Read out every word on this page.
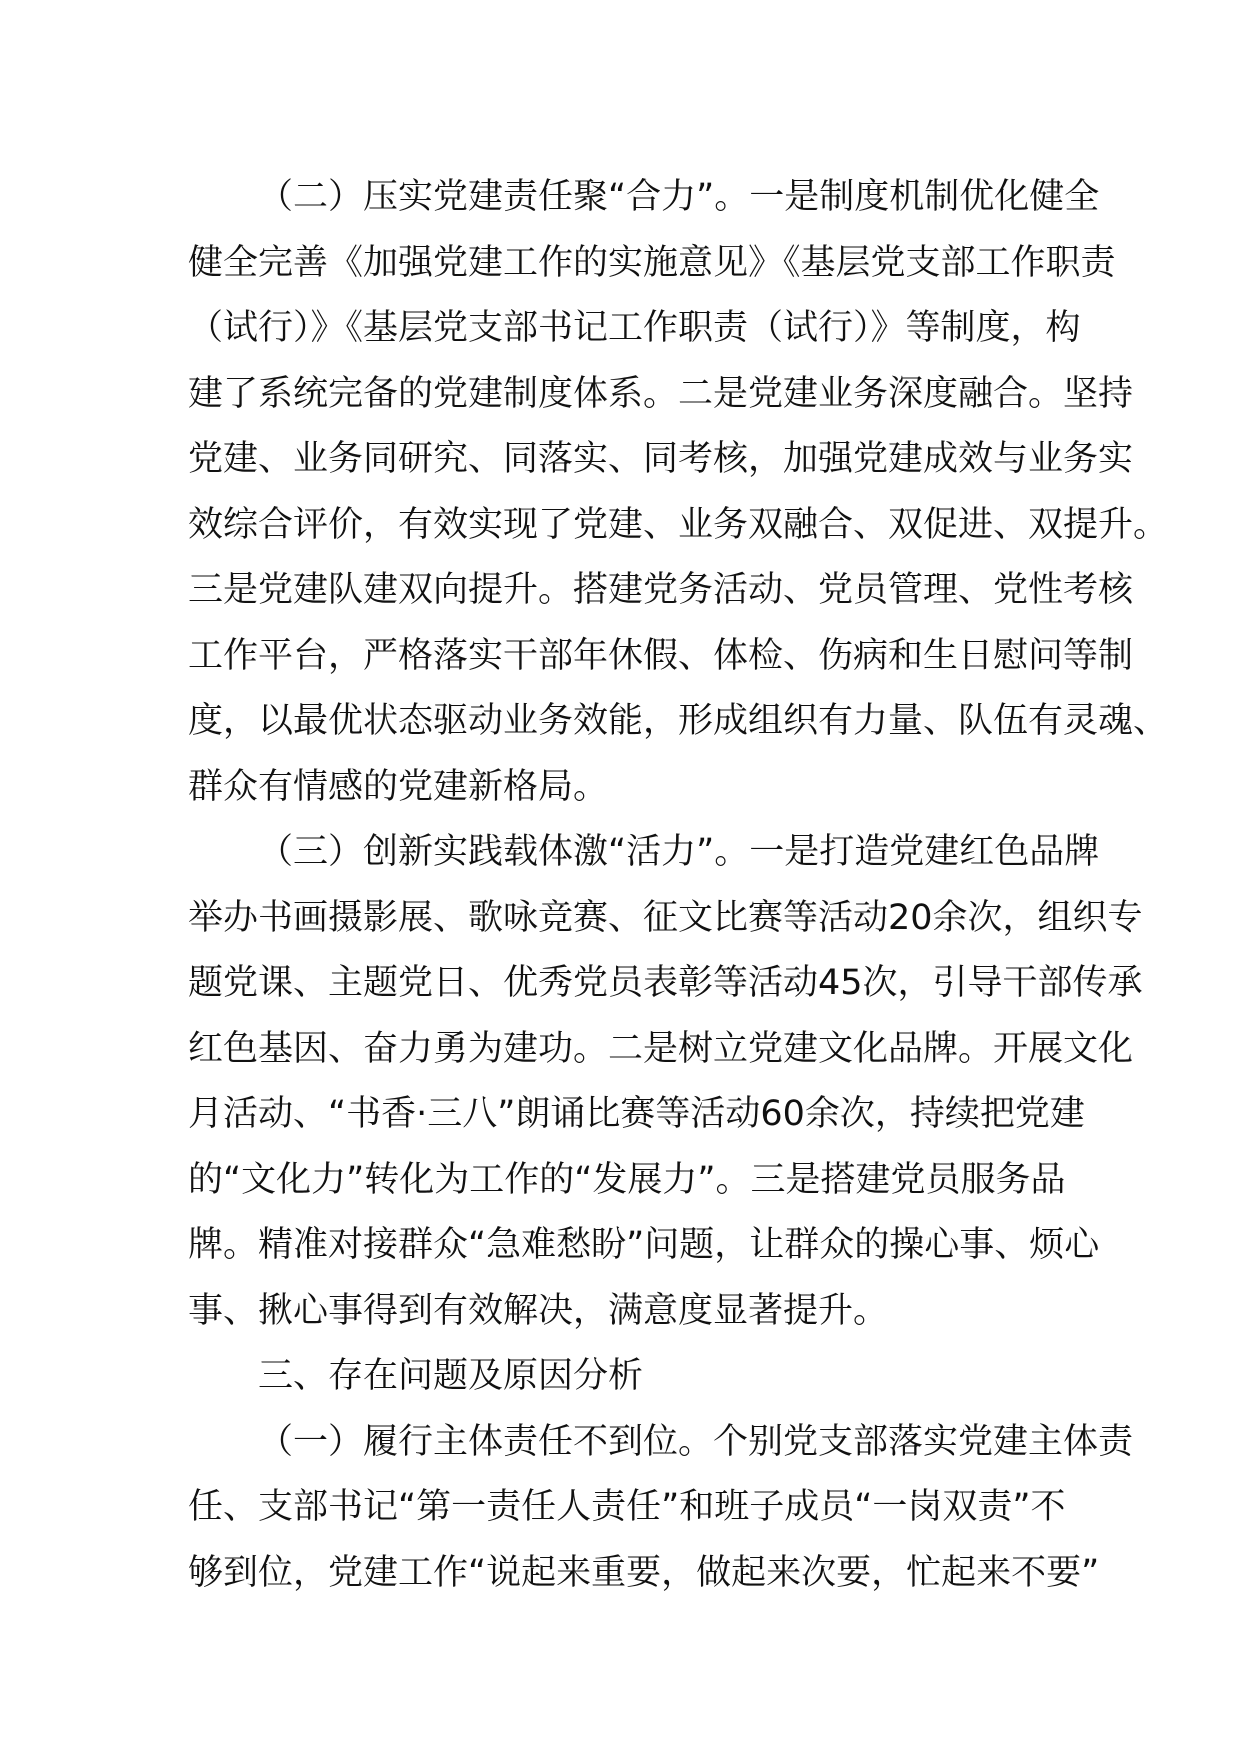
（二）压实党建责任聚“合力”。一是制度机制优化健全
健全完善《加强党建工作的实施意见》《基层党支部工作职责
（试行）》《基层党支部书记工作职责（试行）》等制度，构
建了系统完备的党建制度体系。二是党建业务深度融合。坚持
党建、业务同研究、同落实、同考核，加强党建成效与业务实
效综合评价，有效实现了党建、业务双融合、双促进、双提升。
三是党建队建双向提升。搭建党务活动、党员管理、党性考核
工作平台，严格落实干部年休假、体检、伤病和生日慰问等制
度，以最优状态驱动业务效能，形成组织有力量、队伍有灵魂、
群众有情感的党建新格局。
（三）创新实践载体激“活力”。一是打造党建红色品牌
举办书画摄影展、歌咏竞赛、征文比赛等活动20余次，组织专
题党课、主题党日、优秀党员表彰等活动45次，引导干部传承
红色基因、奋力勇为建功。二是树立党建文化品牌。开展文化
月活动、“书香·三八”朗诵比赛等活动60余次，持续把党建
的“文化力”转化为工作的“发展力”。三是搭建党员服务品
牌。精准对接群众“急难愁盼”问题，让群众的操心事、烦心
事、揪心事得到有效解决，满意度显著提升。
三、存在问题及原因分析
（一）履行主体责任不到位。个别党支部落实党建主体责
任、支部书记“第一责任人责任”和班子成员“一岗双责”不
够到位，党建工作“说起来重要，做起来次要，忙起来不要”
